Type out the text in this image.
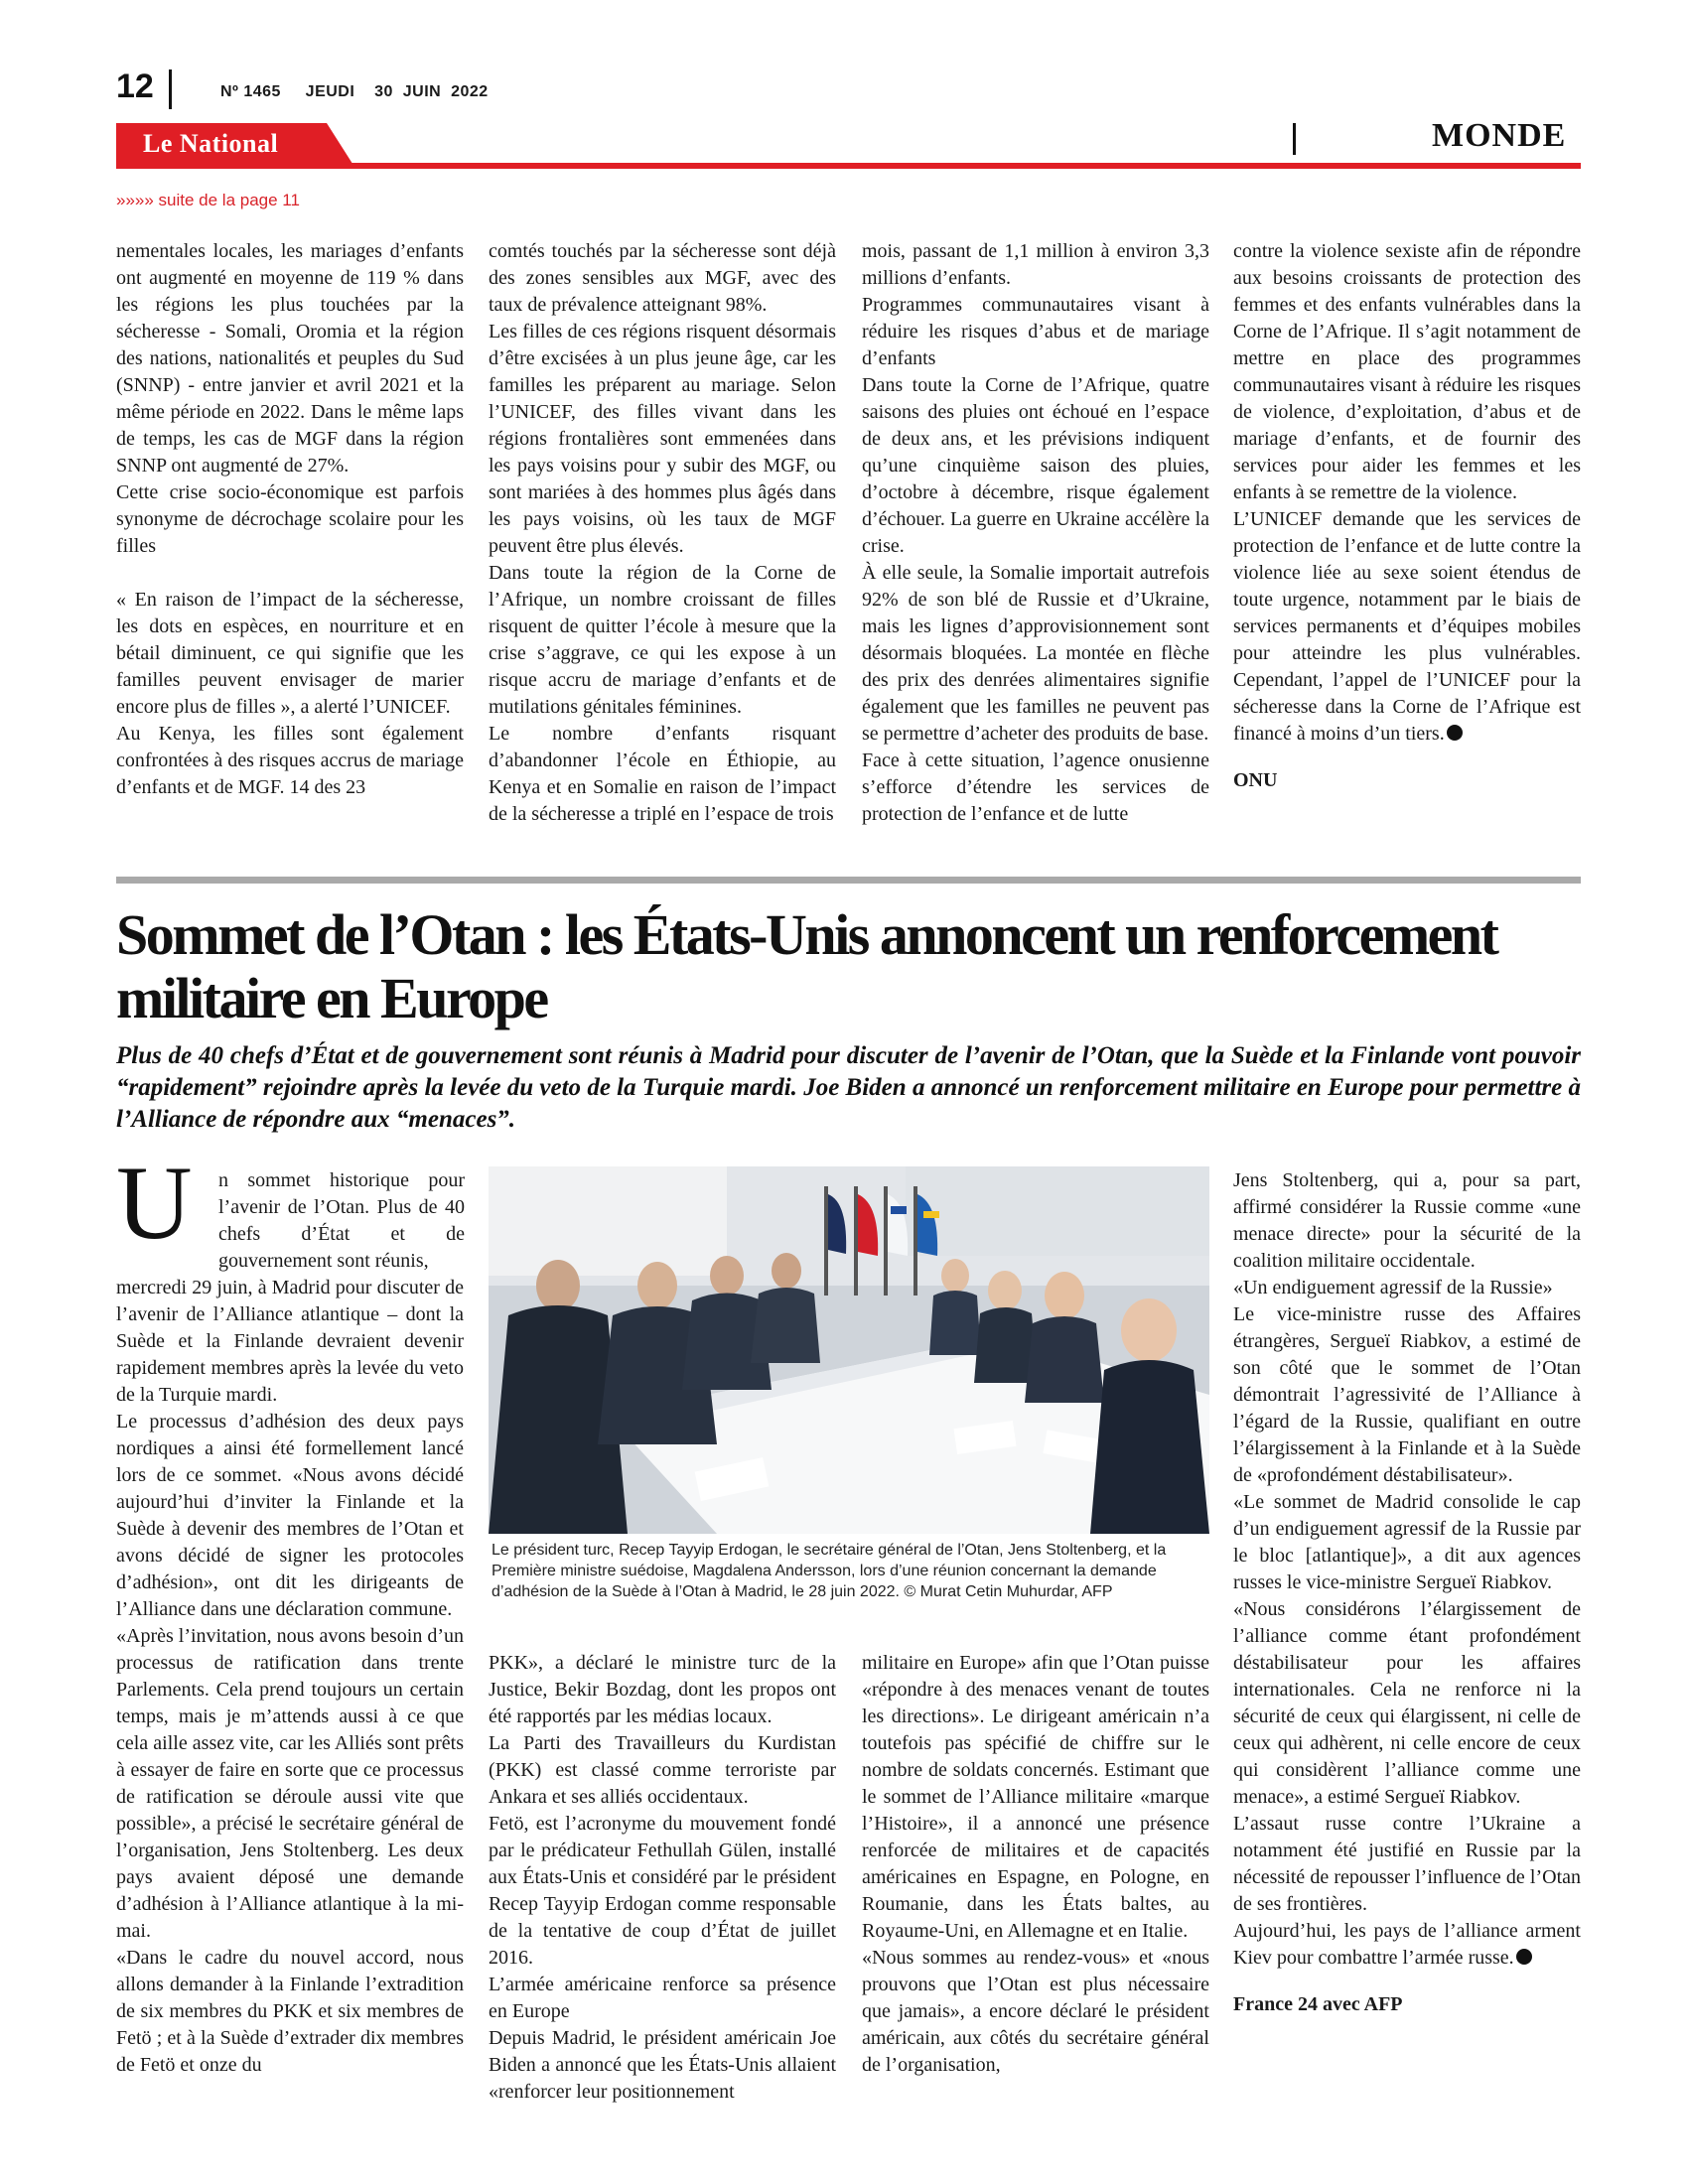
12	Nº 1465     JEUDI    30  JUIN  2022
Le National	MONDE
»»»» suite de la page 11

nementales locales, les mariages d’enfants ont augmenté en moyenne de 119 % dans les régions les plus touchées par la sécheresse - Somali, Oromia et la région des nations, nationalités et peuples du Sud (SNNP) - entre janvier et avril 2021 et la même période en 2022. Dans le même laps de temps, les cas de MGF dans la région SNNP ont augmenté de 27%.

Cette crise socio-économique est parfois synonyme de décrochage scolaire pour les filles

« En raison de l’impact de la sécheresse, les dots en espèces, en nourriture et en bétail diminuent, ce qui signifie que les familles peuvent envisager de marier encore plus de filles », a alerté l’UNICEF.

Au Kenya, les filles sont également confrontées à des risques accrus de mariage d’enfants et de MGF. 14 des 23

comtés touchés par la sécheresse sont déjà des zones sensibles aux MGF, avec des taux de prévalence atteignant 98%.

Les filles de ces régions risquent désormais d’être excisées à un plus jeune âge, car les familles les préparent au mariage. Selon l’UNICEF, des filles vivant dans les régions frontalières sont emmenées dans les pays voisins pour y subir des MGF, ou sont mariées à des hommes plus âgés dans les pays voisins, où les taux de MGF peuvent être plus élevés.

Dans toute la région de la Corne de l’Afrique, un nombre croissant de filles risquent de quitter l’école à mesure que la crise s’aggrave, ce qui les expose à un risque accru de mariage d’enfants et de mutilations génitales féminines.

Le nombre d’enfants risquant d’abandonner l’école en Éthiopie, au Kenya et en Somalie en raison de l’impact de la sécheresse a triplé en l’espace de trois

mois, passant de 1,1 million à environ 3,3 millions d’enfants.

Programmes communautaires visant à réduire les risques d’abus et de mariage d’enfants

Dans toute la Corne de l’Afrique, quatre saisons des pluies ont échoué en l’espace de deux ans, et les prévisions indiquent qu’une cinquième saison des pluies, d’octobre à décembre, risque également d’échouer. La guerre en Ukraine accélère la crise.

À elle seule, la Somalie importait autrefois 92% de son blé de Russie et d’Ukraine, mais les lignes d’approvisionnement sont désormais bloquées. La montée en flèche des prix des denrées alimentaires signifie également que les familles ne peuvent pas se permettre d’acheter des produits de base.

Face à cette situation, l’agence onusienne s’efforce d’étendre les services de protection de l’enfance et de lutte

contre la violence sexiste afin de répondre aux besoins croissants de protection des femmes et des enfants vulnérables dans la Corne de l’Afrique. Il s’agit notamment de mettre en place des programmes communautaires visant à réduire les risques de violence, d’exploitation, d’abus et de mariage d’enfants, et de fournir des services pour aider les femmes et les enfants à se remettre de la violence.

L’UNICEF demande que les services de protection de l’enfance et de lutte contre la violence liée au sexe soient étendus de toute urgence, notamment par le biais de services permanents et d’équipes mobiles pour atteindre les plus vulnérables. Cependant, l’appel de l’UNICEF pour la sécheresse dans la Corne de l’Afrique est financé à moins d’un tiers.

ONU

Sommet de l’Otan : les États-Unis annoncent un renforcement militaire en Europe

Plus de 40 chefs d’État et de gouvernement sont réunis à Madrid pour discuter de l’avenir de l’Otan, que la Suède et la Finlande vont pouvoir “rapidement” rejoindre après la levée du veto de la Turquie mardi. Joe Biden a annoncé un renforcement militaire en Europe pour permettre à l’Alliance de répondre aux “menaces”.

U n sommet historique pour l’avenir de l’Otan. Plus de 40 chefs d’État et de gouvernement sont réunis,

mercredi 29 juin, à Madrid pour discuter de l’avenir de l’Alliance atlantique – dont la Suède et la Finlande devraient devenir rapidement membres après la levée du veto de la Turquie mardi.

Le processus d’adhésion des deux pays nordiques a ainsi été formellement lancé lors de ce sommet. «Nous avons décidé aujourd’hui d’inviter la Finlande et la Suède à devenir des membres de l’Otan et avons décidé de signer les protocoles d’adhésion», ont dit les dirigeants de l’Alliance dans une déclaration commune.

«Après l’invitation, nous avons besoin d’un processus de ratification dans trente Parlements. Cela prend toujours un certain temps, mais je m’attends aussi à ce que cela aille assez vite, car les Alliés sont prêts à essayer de faire en sorte que ce processus de ratification se déroule aussi vite que possible», a précisé le secrétaire général de l’organisation, Jens Stoltenberg. Les deux pays avaient déposé une demande d’adhésion à l’Alliance atlantique à la mi-mai.

«Dans le cadre du nouvel accord, nous allons demander à la Finlande l’extradition de six membres du PKK et six membres de Fetö ; et à la Suède d’extrader dix membres de Fetö et onze du

Le président turc, Recep Tayyip Erdogan, le secrétaire général de l’Otan, Jens Stoltenberg, et la Première ministre suédoise, Magdalena Andersson, lors d’une réunion concernant la demande d’adhésion de la Suède à l’Otan à Madrid, le 28 juin 2022. © Murat Cetin Muhurdar, AFP

PKK», a déclaré le ministre turc de la Justice, Bekir Bozdag, dont les propos ont été rapportés par les médias locaux.

La Parti des Travailleurs du Kurdistan (PKK) est classé comme terroriste par Ankara et ses alliés occidentaux.

Fetö, est l’acronyme du mouvement fondé par le prédicateur Fethullah Gülen, installé aux États-Unis et considéré par le président Recep Tayyip Erdogan comme responsable de la tentative de coup d’État de juillet 2016.

L’armée américaine renforce sa présence en Europe

Depuis Madrid, le président américain Joe Biden a annoncé que les États-Unis allaient «renforcer leur positionnement

militaire en Europe» afin que l’Otan puisse «répondre à des menaces venant de toutes les directions». Le dirigeant américain n’a toutefois pas spécifié de chiffre sur le nombre de soldats concernés. Estimant que le sommet de l’Alliance militaire «marque l’Histoire», il a annoncé une présence renforcée de militaires et de capacités américaines en Espagne, en Pologne, en Roumanie, dans les États baltes, au Royaume-Uni, en Allemagne et en Italie.

«Nous sommes au rendez-vous» et «nous prouvons que l’Otan est plus nécessaire que jamais», a encore déclaré le président américain, aux côtés du secrétaire général de l’organisation,

Jens Stoltenberg, qui a, pour sa part, affirmé considérer la Russie comme «une menace directe» pour la sécurité de la coalition militaire occidentale.

«Un endiguement agressif de la Russie»

Le vice-ministre russe des Affaires étrangères, Sergueï Riabkov, a estimé de son côté que le sommet de l’Otan démontrait l’agressivité de l’Alliance à l’égard de la Russie, qualifiant en outre l’élargissement à la Finlande et à la Suède de «profondément déstabilisateur».

«Le sommet de Madrid consolide le cap d’un endiguement agressif de la Russie par le bloc [atlantique]», a dit aux agences russes le vice-ministre Sergueï Riabkov.

«Nous considérons l’élargissement de l’alliance comme étant profondément déstabilisateur pour les affaires internationales. Cela ne renforce ni la sécurité de ceux qui élargissent, ni celle de ceux qui adhèrent, ni celle encore de ceux qui considèrent l’alliance comme une menace», a estimé Sergueï Riabkov.

L’assaut russe contre l’Ukraine a notamment été justifié en Russie par la nécessité de repousser l’influence de l’Otan de ses frontières.

Aujourd’hui, les pays de l’alliance arment Kiev pour combattre l’armée russe.

France 24 avec AFP
